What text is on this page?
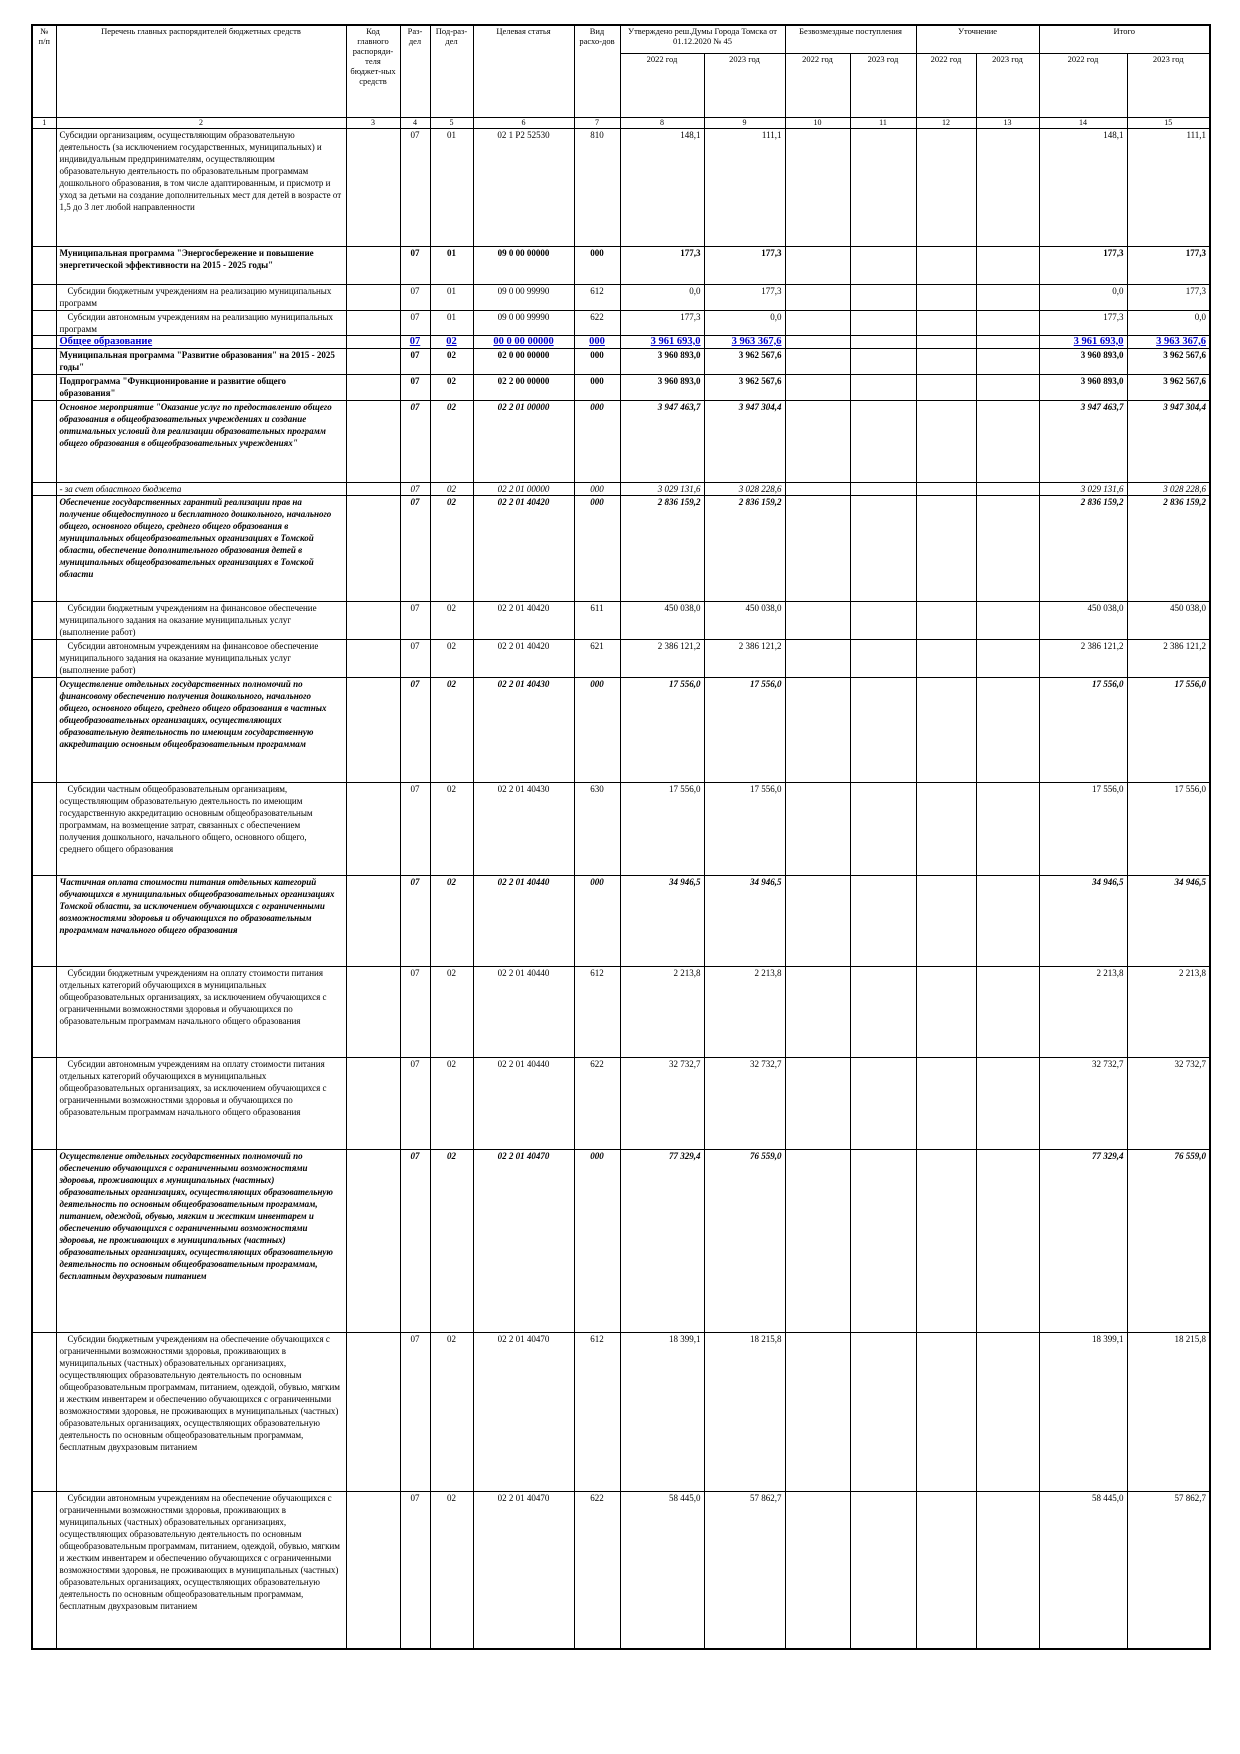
№ п/п	Перечень главных распорядителей бюджетных средств	Код главного распоряди-теля бюджет-ных средств	Раз-дел	Под-раз-дел	Целевая статья	Вид расхо-дов	Утверждено реш.Думы Города Томска от 01.12.2020 № 45		Безвозмездные поступления		Уточнение		Итого	
							2022 год	2023 год	2022 год	2023 год	2022 год	2023 год	2022 год	2023 год
1	2	3	4	5	6	7	8	9	10	11	12	13	14	15
	Субсидии организациям, осуществляющим образовательную деятельность (за исключением государственных, муниципальных) и индивидуальным предпринимателям, осуществляющим образовательную деятельность по образовательным программам дошкольного образования, в том числе адаптированным, и присмотр и уход за детьми на создание дополнительных мест для детей в возрасте от 1,5 до 3 лет любой направленности		07	01	02 1 P2 52530	810	148,1	111,1					148,1	111,1
	Муниципальная программа "Энергосбережение и повышение энергетической эффективности на 2015 - 2025 годы"		07	01	09 0 00 00000	000	177,3	177,3					177,3	177,3
	Субсидии бюджетным учреждениям на реализацию муниципальных программ		07	01	09 0 00 99990	612	0,0	177,3					0,0	177,3
	Субсидии автономным учреждениям на реализацию муниципальных программ		07	01	09 0 00 99990	622	177,3	0,0					177,3	0,0
	Общее образование		07	02	00 0 00 00000	000	3 961 693,0	3 963 367,6					3 961 693,0	3 963 367,6
	Муниципальная программа "Развитие образования" на 2015 - 2025 годы"		07	02	02 0 00 00000	000	3 960 893,0	3 962 567,6					3 960 893,0	3 962 567,6
	Подпрограмма "Функционирование и развитие общего образования"		07	02	02 2 00 00000	000	3 960 893,0	3 962 567,6					3 960 893,0	3 962 567,6
	Основное мероприятие "Оказание услуг по предоставлению общего образования в общеобразовательных учреждениях и создание оптимальных условий для реализации образовательных программ общего образования в общеобразовательных учреждениях"		07	02	02 2 01 00000	000	3 947 463,7	3 947 304,4					3 947 463,7	3 947 304,4
	- за счет областного бюджета		07	02	02 2 01 00000	000	3 029 131,6	3 028 228,6					3 029 131,6	3 028 228,6
	Обеспечение государственных гарантий реализации прав на получение общедоступного и бесплатного дошкольного, начального общего, основного общего, среднего общего образования в муниципальных общеобразовательных организациях в Томской области, обеспечение дополнительного образования детей в муниципальных общеобразовательных организациях в Томской области		07	02	02 2 01 40420	000	2 836 159,2	2 836 159,2					2 836 159,2	2 836 159,2
	Субсидии бюджетным учреждениям на финансовое обеспечение муниципального задания на оказание муниципальных услуг (выполнение работ)		07	02	02 2 01 40420	611	450 038,0	450 038,0					450 038,0	450 038,0
	Субсидии автономным учреждениям на финансовое обеспечение муниципального задания на оказание муниципальных услуг (выполнение работ)		07	02	02 2 01 40420	621	2 386 121,2	2 386 121,2					2 386 121,2	2 386 121,2
	Осуществление отдельных государственных полномочий по финансовому обеспечению получения дошкольного, начального общего, основного общего, среднего общего образования в частных общеобразовательных организациях, осуществляющих образовательную деятельность по имеющим государственную аккредитацию основным общеобразовательным программам		07	02	02 2 01 40430	000	17 556,0	17 556,0					17 556,0	17 556,0
	Субсидии частным общеобразовательным организациям, осуществляющим образовательную деятельность по имеющим государственную аккредитацию основным общеобразовательным программам, на возмещение затрат, связанных с обеспечением получения дошкольного, начального общего, основного общего, среднего общего образования		07	02	02 2 01 40430	630	17 556,0	17 556,0					17 556,0	17 556,0
	Частичная оплата стоимости питания отдельных категорий обучающихся в муниципальных общеобразовательных организациях Томской области, за исключением обучающихся с ограниченными возможностями здоровья и обучающихся по образовательным программам начального общего образования		07	02	02 2 01 40440	000	34 946,5	34 946,5					34 946,5	34 946,5
	Субсидии бюджетным учреждениям на оплату стоимости питания отдельных категорий обучающихся в муниципальных общеобразовательных организациях, за исключением обучающихся с ограниченными возможностями здоровья и обучающихся по образовательным программам начального общего образования		07	02	02 2 01 40440	612	2 213,8	2 213,8					2 213,8	2 213,8
	Субсидии автономным учреждениям на оплату стоимости питания отдельных категорий обучающихся в муниципальных общеобразовательных организациях, за исключением обучающихся с ограниченными возможностями здоровья и обучающихся по образовательным программам начального общего образования		07	02	02 2 01 40440	622	32 732,7	32 732,7					32 732,7	32 732,7
	Осуществление отдельных государственных полномочий по обеспечению обучающихся с ограниченными возможностями здоровья, проживающих в муниципальных (частных) образовательных организациях, осуществляющих образовательную деятельность по основным общеобразовательным программам, питанием, одеждой, обувью, мягким и жестким инвентарем и обеспечению обучающихся с ограниченными возможностями здоровья, не проживающих в муниципальных (частных) образовательных организациях, осуществляющих образовательную деятельность по основным общеобразовательным программам, бесплатным двухразовым питанием		07	02	02 2 01 40470	000	77 329,4	76 559,0					77 329,4	76 559,0
	Субсидии бюджетным учреждениям на обеспечение обучающихся с ограниченными возможностями здоровья, проживающих в муниципальных (частных) образовательных организациях, осуществляющих образовательную деятельность по основным общеобразовательным программам, питанием, одеждой, обувью, мягким и жестким инвентарем и обеспечению обучающихся с ограниченными возможностями здоровья, не проживающих в муниципальных (частных) образовательных организациях, осуществляющих образовательную деятельность по основным общеобразовательным программам, бесплатным двухразовым питанием		07	02	02 2 01 40470	612	18 399,1	18 215,8					18 399,1	18 215,8
	Субсидии автономным учреждениям на обеспечение обучающихся с ограниченными возможностями здоровья, проживающих в муниципальных (частных) образовательных организациях, осуществляющих образовательную деятельность по основным общеобразовательным программам, питанием, одеждой, обувью, мягким и жестким инвентарем и обеспечению обучающихся с ограниченными возможностями здоровья, не проживающих в муниципальных (частных) образовательных организациях, осуществляющих образовательную деятельность по основным общеобразовательным программам, бесплатным двухразовым питанием		07	02	02 2 01 40470	622	58 445,0	57 862,7					58 445,0	57 862,7
